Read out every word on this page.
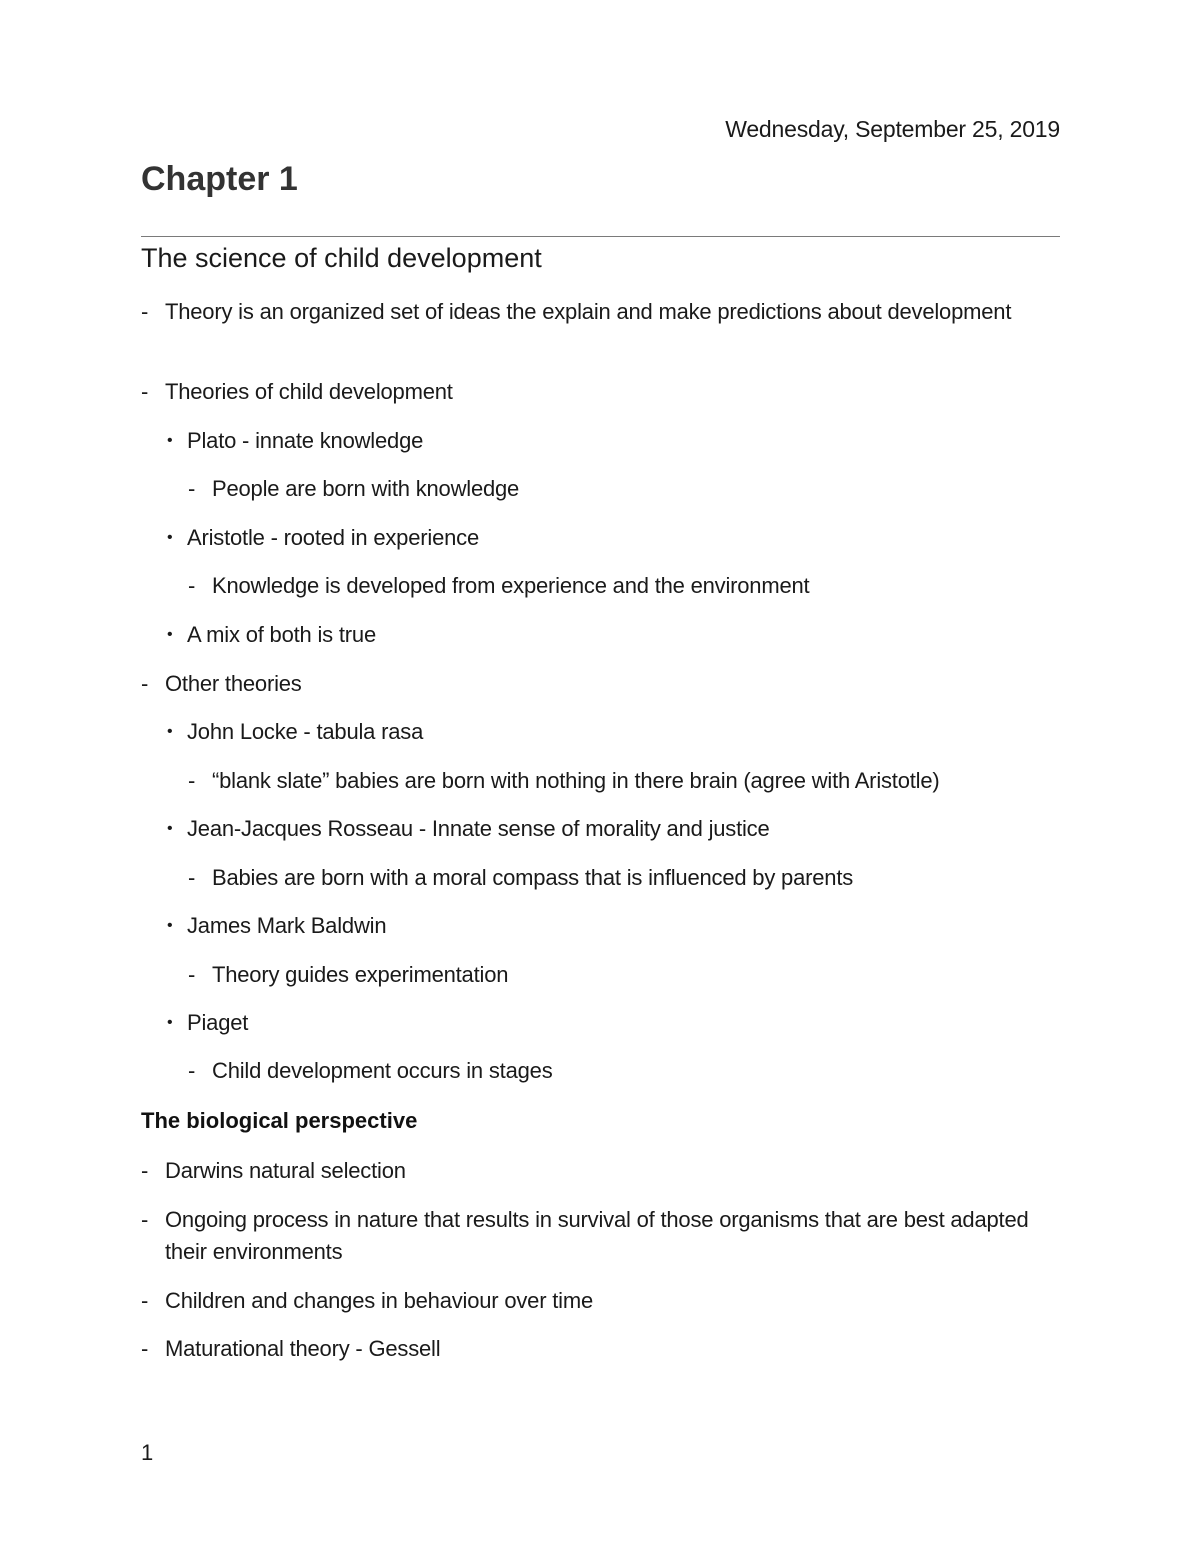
Wednesday, September 25, 2019
Chapter 1
The science of child development
- Theory is an organized set of ideas the explain and make predictions about development
- Theories of child development
• Plato - innate knowledge
- People are born with knowledge
• Aristotle - rooted in experience
- Knowledge is developed from experience and the environment
• A mix of both is true
- Other theories
• John Locke - tabula rasa
- “blank slate” babies are born with nothing in there brain (agree with Aristotle)
• Jean-Jacques Rosseau - Innate sense of morality and justice
- Babies are born with a moral compass that is influenced by parents
• James Mark Baldwin
- Theory guides experimentation
• Piaget
- Child development occurs in stages
The biological perspective
- Darwins natural selection
- Ongoing process in nature that results in survival of those organisms that are best adapted their environments
- Children and changes in behaviour over time
- Maturational theory - Gessell
1
